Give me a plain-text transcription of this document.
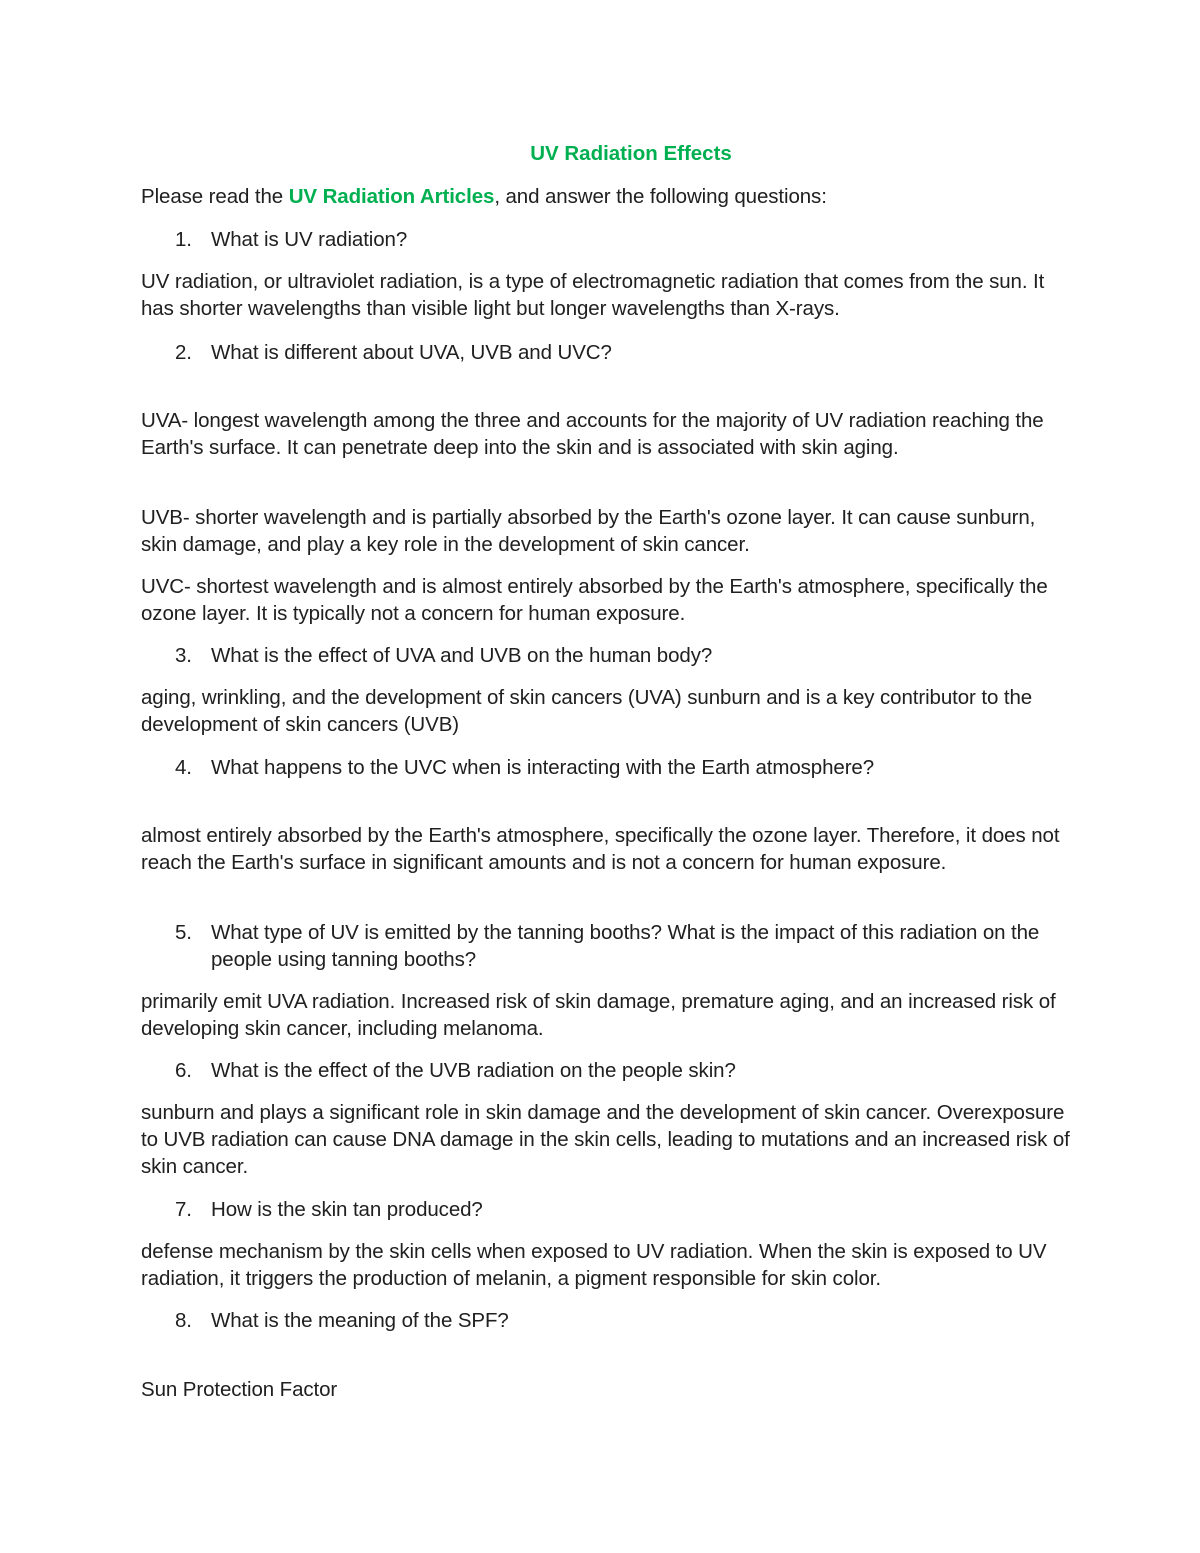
UV Radiation Effects
Please read the UV Radiation Articles, and answer the following questions:
1. What is UV radiation?
UV radiation, or ultraviolet radiation, is a type of electromagnetic radiation that comes from the sun. It has shorter wavelengths than visible light but longer wavelengths than X-rays.
2. What is different about UVA, UVB and UVC?
UVA- longest wavelength among the three and accounts for the majority of UV radiation reaching the Earth's surface. It can penetrate deep into the skin and is associated with skin aging.
UVB- shorter wavelength and is partially absorbed by the Earth's ozone layer. It can cause sunburn, skin damage, and play a key role in the development of skin cancer.
UVC- shortest wavelength and is almost entirely absorbed by the Earth's atmosphere, specifically the ozone layer. It is typically not a concern for human exposure.
3. What is the effect of UVA and UVB on the human body?
aging, wrinkling, and the development of skin cancers (UVA) sunburn and is a key contributor to the development of skin cancers (UVB)
4. What happens to the UVC when is interacting with the Earth atmosphere?
almost entirely absorbed by the Earth's atmosphere, specifically the ozone layer. Therefore, it does not reach the Earth's surface in significant amounts and is not a concern for human exposure.
5. What type of UV is emitted by the tanning booths? What is the impact of this radiation on the people using tanning booths?
primarily emit UVA radiation. Increased risk of skin damage, premature aging, and an increased risk of developing skin cancer, including melanoma.
6. What is the effect of the UVB radiation on the people skin?
sunburn and plays a significant role in skin damage and the development of skin cancer. Overexposure to UVB radiation can cause DNA damage in the skin cells, leading to mutations and an increased risk of skin cancer.
7. How is the skin tan produced?
defense mechanism by the skin cells when exposed to UV radiation. When the skin is exposed to UV radiation, it triggers the production of melanin, a pigment responsible for skin color.
8. What is the meaning of the SPF?
Sun Protection Factor
